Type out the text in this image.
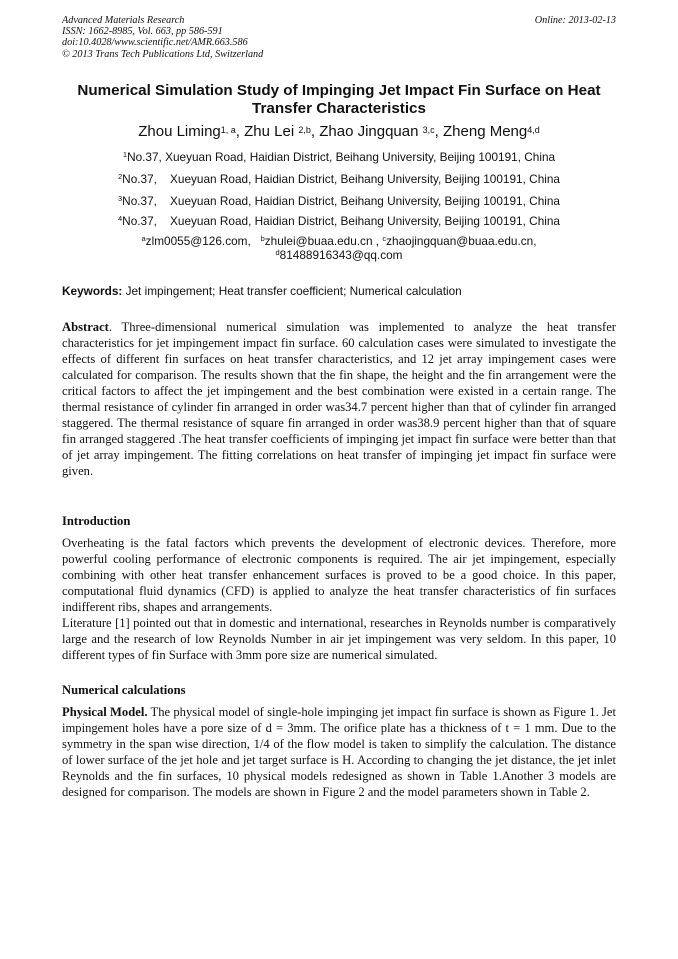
Advanced Materials Research
ISSN: 1662-8985, Vol. 663, pp 586-591
doi:10.4028/www.scientific.net/AMR.663.586
© 2013 Trans Tech Publications Ltd, Switzerland
Online: 2013-02-13
Numerical Simulation Study of Impinging Jet Impact Fin Surface on Heat Transfer Characteristics
Zhou Liming$^{1, a}$, Zhu Lei $^{2,b}$, Zhao Jingquan $^{3,c}$, Zheng Meng$^{4,d}$
$^1$No.37, Xueyuan Road, Haidian District, Beihang University, Beijing 100191, China
$^2$No.37,    Xueyuan Road, Haidian District, Beihang University, Beijing 100191, China
$^3$No.37,    Xueyuan Road, Haidian District, Beihang University, Beijing 100191, China
$^4$No.37,    Xueyuan Road, Haidian District, Beihang University, Beijing 100191, China
$^a$zlm0055@126.com, $^b$zhulei@buaa.edu.cn , $^c$zhaojingquan@buaa.edu.cn,
$^d$81488916343@qq.com
Keywords: Jet impingement; Heat transfer coefficient; Numerical calculation
Abstract. Three-dimensional numerical simulation was implemented to analyze the heat transfer characteristics for jet impingement impact fin surface. 60 calculation cases were simulated to investigate the effects of different fin surfaces on heat transfer characteristics, and 12 jet array impingement cases were calculated for comparison. The results shown that the fin shape, the height and the fin arrangement were the critical factors to affect the jet impingement and the best combination were existed in a certain range. The thermal resistance of cylinder fin arranged in order was34.7 percent higher than that of cylinder fin arranged staggered. The thermal resistance of square fin arranged in order was38.9 percent higher than that of square fin arranged staggered .The heat transfer coefficients of impinging jet impact fin surface were better than that of jet array impingement. The fitting correlations on heat transfer of impinging jet impact fin surface were given.
Introduction
Overheating is the fatal factors which prevents the development of electronic devices. Therefore, more powerful cooling performance of electronic components is required. The air jet impingement, especially combining with other heat transfer enhancement surfaces is proved to be a good choice. In this paper, computational fluid dynamics (CFD) is applied to analyze the heat transfer characteristics of fin surfaces indifferent ribs, shapes and arrangements.
Literature [1] pointed out that in domestic and international, researches in Reynolds number is comparatively large and the research of low Reynolds Number in air jet impingement was very seldom. In this paper, 10 different types of fin Surface with 3mm pore size are numerical simulated.
Numerical calculations
Physical Model. The physical model of single-hole impinging jet impact fin surface is shown as Figure 1. Jet impingement holes have a pore size of d = 3mm. The orifice plate has a thickness of t = 1 mm. Due to the symmetry in the span wise direction, 1/4 of the flow model is taken to simplify the calculation. The distance of lower surface of the jet hole and jet target surface is H. According to changing the jet distance, the jet inlet Reynolds and the fin surfaces, 10 physical models redesigned as shown in Table 1.Another 3 models are designed for comparison. The models are shown in Figure 2 and the model parameters shown in Table 2.
